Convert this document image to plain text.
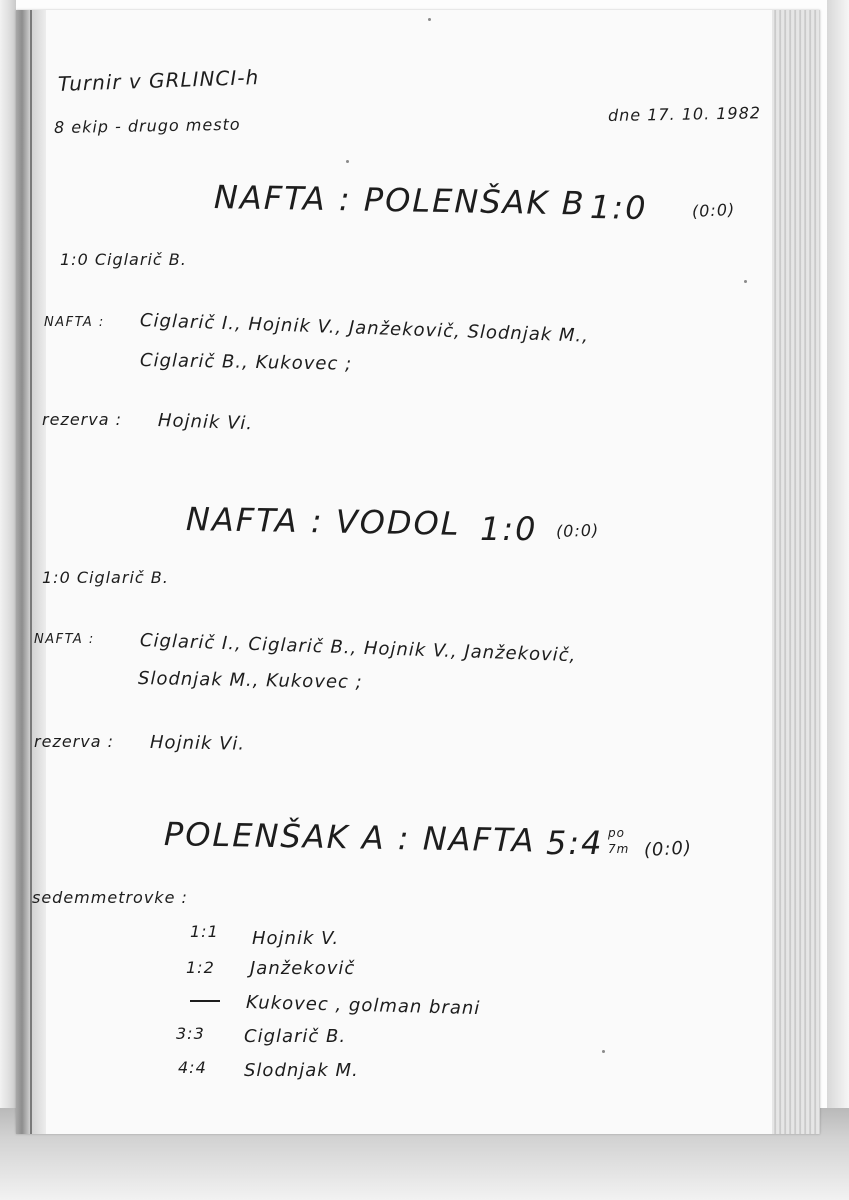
Turnir v GRLINCI-h
8 ekip - drugo mesto
dne 17. 10. 1982
NAFTA : POLENŠAK B 1:0	(0:0)
1:0 Ciglarič B.
NAFTA : Ciglarič I., Hojnik V., Janžekovič, Slodnjak M.,
Ciglarič B., Kukovec ;
rezerva : Hojnik Vi.
NAFTA : VODOL 1:0 (0:0)
1:0 Ciglarič B.
NAFTA : Ciglarič I., Ciglarič B., Hojnik V., Janžekovič,
Slodnjak M., Kukovec ;
rezerva : Hojnik Vi.
POLENŠAK A : NAFTA 5:4 po
7m (0:0)
sedemmetrovke :
1:1 Hojnik V.
1:2 Janžekovič
Kukovec , golman brani
3:3 Ciglarič B.
4:4 Slodnjak M.
